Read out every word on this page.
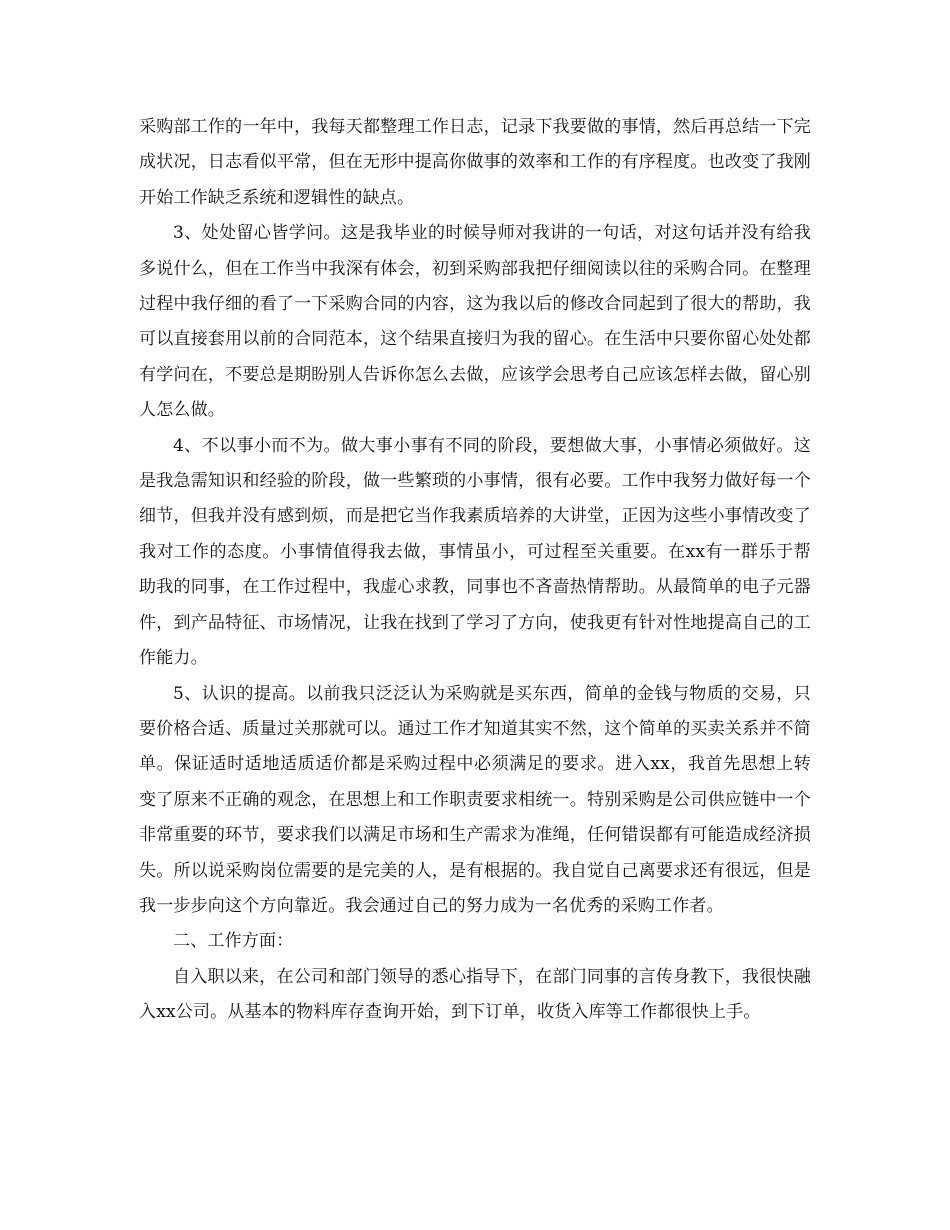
采购部工作的一年中，我每天都整理工作日志，记录下我要做的事情，然后再总结一下完成状况，日志看似平常，但在无形中提高你做事的效率和工作的有序程度。也改变了我刚开始工作缺乏系统和逻辑性的缺点。

3、处处留心皆学问。这是我毕业的时候导师对我讲的一句话，对这句话并没有给我多说什么，但在工作当中我深有体会，初到采购部我把仔细阅读以往的采购合同。在整理过程中我仔细的看了一下采购合同的内容，这为我以后的修改合同起到了很大的帮助，我可以直接套用以前的合同范本，这个结果直接归为我的留心。在生活中只要你留心处处都有学问在，不要总是期盼别人告诉你怎么去做，应该学会思考自己应该怎样去做，留心别人怎么做。

4、不以事小而不为。做大事小事有不同的阶段，要想做大事，小事情必须做好。这是我急需知识和经验的阶段，做一些繁琐的小事情，很有必要。工作中我努力做好每一个细节，但我并没有感到烦，而是把它当作我素质培养的大讲堂，正因为这些小事情改变了我对工作的态度。小事情值得我去做，事情虽小，可过程至关重要。在xx有一群乐于帮助我的同事，在工作过程中，我虚心求教，同事也不吝啬热情帮助。从最简单的电子元器件，到产品特征、市场情况，让我在找到了学习了方向，使我更有针对性地提高自己的工作能力。

5、认识的提高。以前我只泛泛认为采购就是买东西，简单的金钱与物质的交易，只要价格合适、质量过关那就可以。通过工作才知道其实不然，这个简单的买卖关系并不简单。保证适时适地适质适价都是采购过程中必须满足的要求。进入xx，我首先思想上转变了原来不正确的观念，在思想上和工作职责要求相统一。特别采购是公司供应链中一个非常重要的环节，要求我们以满足市场和生产需求为准绳，任何错误都有可能造成经济损失。所以说采购岗位需要的是完美的人，是有根据的。我自觉自己离要求还有很远，但是我一步步向这个方向靠近。我会通过自己的努力成为一名优秀的采购工作者。

二、工作方面：

自入职以来，在公司和部门领导的悉心指导下，在部门同事的言传身教下，我很快融入xx公司。从基本的物料库存查询开始，到下订单，收货入库等工作都很快上手。
